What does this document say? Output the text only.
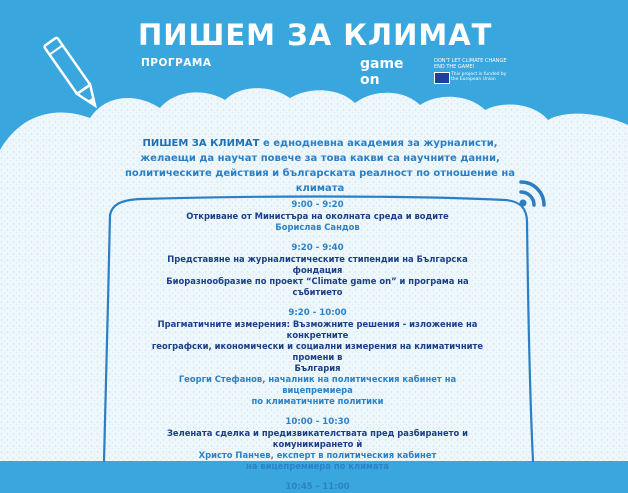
ПИШЕМ ЗА КЛИМАТ
ПРОГРАМА	game on
DON'T LET CLIMATE CHANGE END THE GAME!
This project is funded by the European Union
ПИШЕМ ЗА КЛИМАТ е еднодневна академия за журналисти, желаещи да научат повече за това какви са научните данни, политическите действия и българската реалност по отношение на климата
9:00 - 9:20
Откриване от Министъра на околната среда и водите
Борислав Сандов
9:20 - 9:40
Представяне на журналистическите стипендии на Българска фондация
Биоразнообразие по проект “Climate game on” и програма на събитието
9:20 - 10:00
Прагматичните измерения: Възможните решения - изложение на конкретните
географски, икономически и социални измерения на климатичните промени в
България
Георги Стефанов, началник на политическия кабинет на вицепремиера
по климатичните политики
10:00 - 10:30
Зелената сделка и предизвикателствата пред разбирането и комуникирането ѝ
Христо Панчев, експерт в политическия кабинет
на вицепремиера по климата
10:45 - 11:00
